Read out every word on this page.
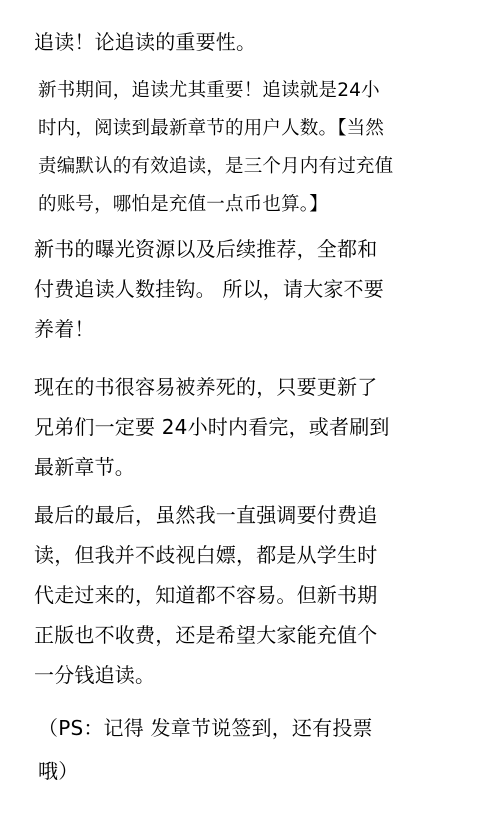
追读！论追读的重要性。

新书期间，追读尤其重要！追读就是24小
时内，阅读到最新章节的用户人数。【当然
责编默认的有效追读，是三个月内有过充值
的账号，哪怕是充值一点币也算。】

新书的曝光资源以及后续推荐，全都和
付费追读人数挂钩。 所以，请大家不要
养着！

现在的书很容易被养死的，只要更新了
兄弟们一定要 24小时内看完，或者刷到
最新章节。

最后的最后，虽然我一直强调要付费追
读，但我并不歧视白嫖，都是从学生时
代走过来的，知道都不容易。但新书期
正版也不收费，还是希望大家能充值个
一分钱追读。

（PS：记得 发章节说签到，还有投票
哦）
